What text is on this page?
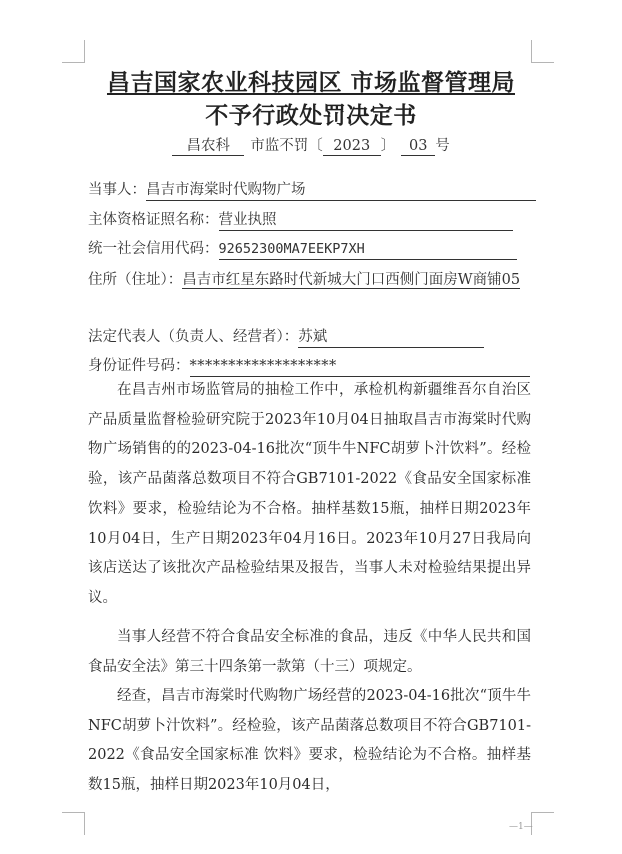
昌吉国家农业科技园区 市场监督管理局
不予行政处罚决定书
昌农科 市监不罚〔 2023 〕 03 号
当事人：昌吉市海棠时代购物广场
主体资格证照名称：营业执照
统一社会信用代码：92652300MA7EEKP7XH
住所（住址）：昌吉市红星东路时代新城大门口西侧门面房W商铺05
法定代表人（负责人、经营者）：苏斌
身份证件号码：*******************
在昌吉州市场监管局的抽检工作中，承检机构新疆维吾尔自治区产品质量监督检验研究院于2023年10月04日抽取昌吉市海棠时代购物广场销售的的2023-04-16批次“顶牛牛NFC胡萝卜汁饮料”。经检验，该产品菌落总数项目不符合GB7101-2022《食品安全国家标准 饮料》要求，检验结论为不合格。抽样基数15瓶，抽样日期2023年10月04日，生产日期2023年04月16日。2023年10月27日我局向该店送达了该批次产品检验结果及报告，当事人未对检验结果提出异议。
当事人经营不符合食品安全标准的食品，违反《中华人民共和国食品安全法》第三十四条第一款第（十三）项规定。
经查，昌吉市海棠时代购物广场经营的2023-04-16批次“顶牛牛NFC胡萝卜汁饮料”。经检验，该产品菌落总数项目不符合GB7101-2022《食品安全国家标准 饮料》要求，检验结论为不合格。抽样基数15瓶，抽样日期2023年10月04日，
—1—
